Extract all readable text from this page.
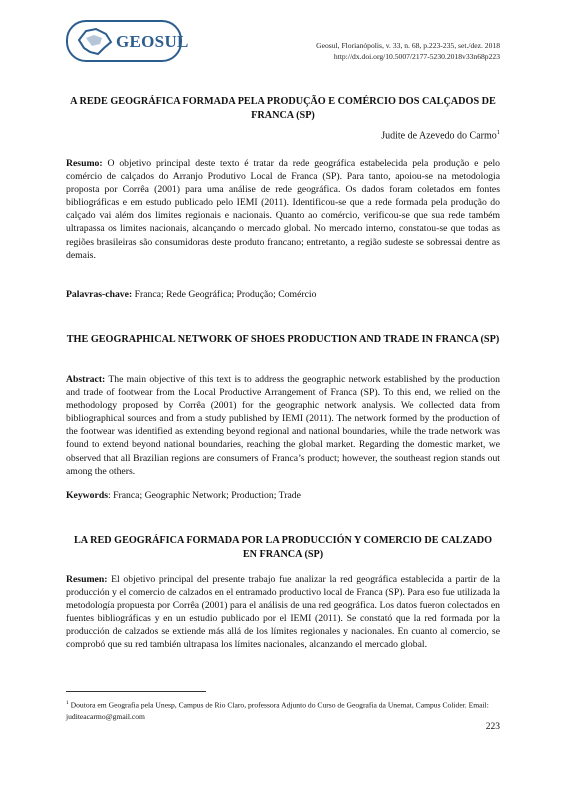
GEOSUL	Geosul, Florianópolis, v. 33, n. 68, p.223-235, set./dez. 2018
http://dx.doi.org/10.5007/2177-5230.2018v33n68p223
A REDE GEOGRÁFICA FORMADA PELA PRODUÇÃO E COMÉRCIO DOS CALÇADOS DE FRANCA (SP)
Judite de Azevedo do Carmo$^1$
Resumo: O objetivo principal deste texto é tratar da rede geográfica estabelecida pela produção e pelo comércio de calçados do Arranjo Produtivo Local de Franca (SP). Para tanto, apoiou-se na metodologia proposta por Corrêa (2001) para uma análise de rede geográfica. Os dados foram coletados em fontes bibliográficas e em estudo publicado pelo IEMI (2011). Identificou-se que a rede formada pela produção do calçado vai além dos limites regionais e nacionais. Quanto ao comércio, verificou-se que sua rede também ultrapassa os limites nacionais, alcançando o mercado global. No mercado interno, constatou-se que todas as regiões brasileiras são consumidoras deste produto francano; entretanto, a região sudeste se sobressai dentre as demais.
Palavras-chave: Franca; Rede Geográfica; Produção; Comércio
THE GEOGRAPHICAL NETWORK OF SHOES PRODUCTION AND TRADE IN FRANCA (SP)
Abstract: The main objective of this text is to address the geographic network established by the production and trade of footwear from the Local Productive Arrangement of Franca (SP). To this end, we relied on the methodology proposed by Corrêa (2001) for the geographic network analysis. We collected data from bibliographical sources and from a study published by IEMI (2011). The network formed by the production of the footwear was identified as extending beyond regional and national boundaries, while the trade network was found to extend beyond national boundaries, reaching the global market. Regarding the domestic market, we observed that all Brazilian regions are consumers of Franca’s product; however, the southeast region stands out among the others.
Keywords: Franca; Geographic Network; Production; Trade
LA RED GEOGRÁFICA FORMADA POR LA PRODUCCIÓN Y COMERCIO DE CALZADO EN FRANCA (SP)
Resumen: El objetivo principal del presente trabajo fue analizar la red geográfica establecida a partir de la producción y el comercio de calzados en el entramado productivo local de Franca (SP). Para eso fue utilizada la metodología propuesta por Corrêa (2001) para el análisis de una red geográfica. Los datos fueron colectados en fuentes bibliográficas y en un estudio publicado por el IEMI (2011). Se constató que la red formada por la producción de calzados se extiende más allá de los límites regionales y nacionales. En cuanto al comercio, se comprobó que su red también ultrapasa los límites nacionales, alcanzando el mercado global.
$^1$ Doutora em Geografia pela Unesp, Campus de Rio Claro, professora Adjunto do Curso de Geografia da Unemat, Campus Colider. Email: juditeacarmo@gmail.com
223
